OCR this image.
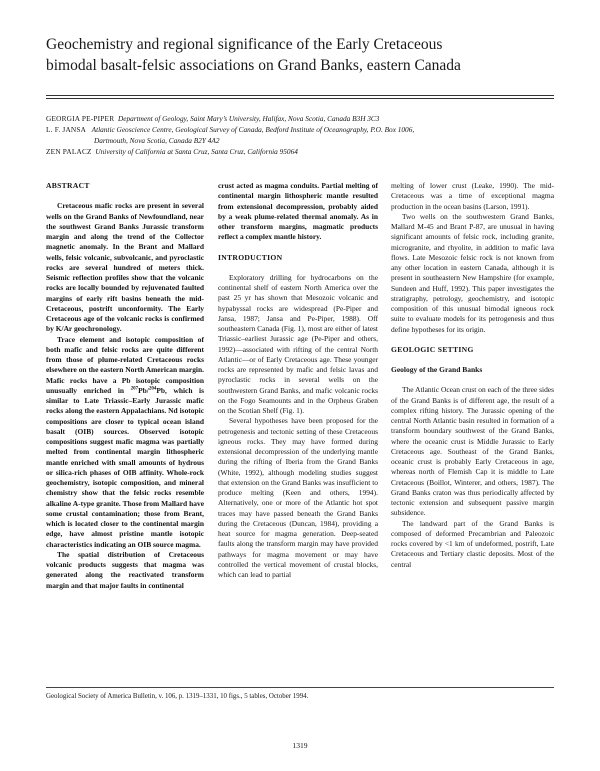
Geochemistry and regional significance of the Early Cretaceous
bimodal basalt-felsic associations on Grand Banks, eastern Canada
GEORGIA PE-PIPER Department of Geology, Saint Mary’s University, Halifax, Nova Scotia, Canada B3H 3C3
L. F. JANSA Atlantic Geoscience Centre, Geological Survey of Canada, Bedford Institute of Oceanography, P.O. Box 1006,
Dartmouth, Nova Scotia, Canada B2Y 4A2
ZEN PALACZ University of California at Santa Cruz, Santa Cruz, California 95064

ABSTRACT

Cretaceous mafic rocks are present in several wells on the Grand Banks of Newfoundland, near the southwest Grand Banks Jurassic transform margin and along the trend of the Collector magnetic anomaly. In the Brant and Mallard wells, felsic volcanic, subvolcanic, and pyroclastic rocks are several hundred of meters thick. Seismic reflection profiles show that the volcanic rocks are locally bounded by rejuvenated faulted margins of early rift basins beneath the mid-Cretaceous, postrift unconformity. The Early Cretaceous age of the volcanic rocks is confirmed by K/Ar geochronology.

Trace element and isotopic composition of both mafic and felsic rocks are quite different from those of plume-related Cretaceous rocks elsewhere on the eastern North American margin. Mafic rocks have a Pb isotopic composition unusually enriched in $^{207}$Pb/$^{204}$Pb, which is similar to Late Triassic–Early Jurassic mafic rocks along the eastern Appalachians. Nd isotopic compositions are closer to typical ocean island basalt (OIB) sources. Observed isotopic compositions suggest mafic magma was partially melted from continental margin lithospheric mantle enriched with small amounts of hydrous or silica-rich phases of OIB affinity. Whole-rock geochemistry, isotopic composition, and mineral chemistry show that the felsic rocks resemble alkaline A-type granite. Those from Mallard have some crustal contamination; those from Brant, which is located closer to the continental margin edge, have almost pristine mantle isotopic characteristics indicating an OIB source magma.

The spatial distribution of Cretaceous volcanic products suggests that magma was generated along the reactivated transform margin and that major faults in continental

crust acted as magma conduits. Partial melting of continental margin lithospheric mantle resulted from extensional decompression, probably aided by a weak plume-related thermal anomaly. As in other transform margins, magmatic products reflect a complex mantle history.

INTRODUCTION

Exploratory drilling for hydrocarbons on the continental shelf of eastern North America over the past 25 yr has shown that Mesozoic volcanic and hypabyssal rocks are widespread (Pe-Piper and Jansa, 1987; Jansa and Pe-Piper, 1988). Off southeastern Canada (Fig. 1), most are either of latest Triassic–earliest Jurassic age (Pe-Piper and others, 1992)—associated with rifting of the central North Atlantic—or of Early Cretaceous age. These younger rocks are represented by mafic and felsic lavas and pyroclastic rocks in several wells on the southwestern Grand Banks, and mafic volcanic rocks on the Fogo Seamounts and in the Orpheus Graben on the Scotian Shelf (Fig. 1).

Several hypotheses have been proposed for the petrogenesis and tectonic setting of these Cretaceous igneous rocks. They may have formed during extensional decompression of the underlying mantle during the rifting of Iberia from the Grand Banks (White, 1992), although modeling studies suggest that extension on the Grand Banks was insufficient to produce melting (Keen and others, 1994). Alternatively, one or more of the Atlantic hot spot traces may have passed beneath the Grand Banks during the Cretaceous (Duncan, 1984), providing a heat source for magma generation. Deep-seated faults along the transform margin may have provided pathways for magma movement or may have controlled the vertical movement of crustal blocks, which can lead to partial

melting of lower crust (Leake, 1990). The mid-Cretaceous was a time of exceptional magma production in the ocean basins (Larson, 1991).

Two wells on the southwestern Grand Banks, Mallard M-45 and Brant P-87, are unusual in having significant amounts of felsic rock, including granite, microgranite, and rhyolite, in addition to mafic lava flows. Late Mesozoic felsic rock is not known from any other location in eastern Canada, although it is present in southeastern New Hampshire (for example, Sundeen and Huff, 1992). This paper investigates the stratigraphy, petrology, geochemistry, and isotopic composition of this unusual bimodal igneous rock suite to evaluate models for its petrogenesis and thus define hypotheses for its origin.

GEOLOGIC SETTING

Geology of the Grand Banks

The Atlantic Ocean crust on each of the three sides of the Grand Banks is of different age, the result of a complex rifting history. The Jurassic opening of the central North Atlantic basin resulted in formation of a transform boundary southwest of the Grand Banks, where the oceanic crust is Middle Jurassic to Early Cretaceous age. Southeast of the Grand Banks, oceanic crust is probably Early Cretaceous in age, whereas north of Flemish Cap it is middle to Late Cretaceous (Boillot, Winterer, and others, 1987). The Grand Banks craton was thus periodically affected by tectonic extension and subsequent passive margin subsidence.

The landward part of the Grand Banks is composed of deformed Precambrian and Paleozoic rocks covered by <1 km of undeformed, postrift, Late Cretaceous and Tertiary clastic deposits. Most of the central

Geological Society of America Bulletin, v. 106, p. 1319–1331, 10 figs., 5 tables, October 1994.
1319
